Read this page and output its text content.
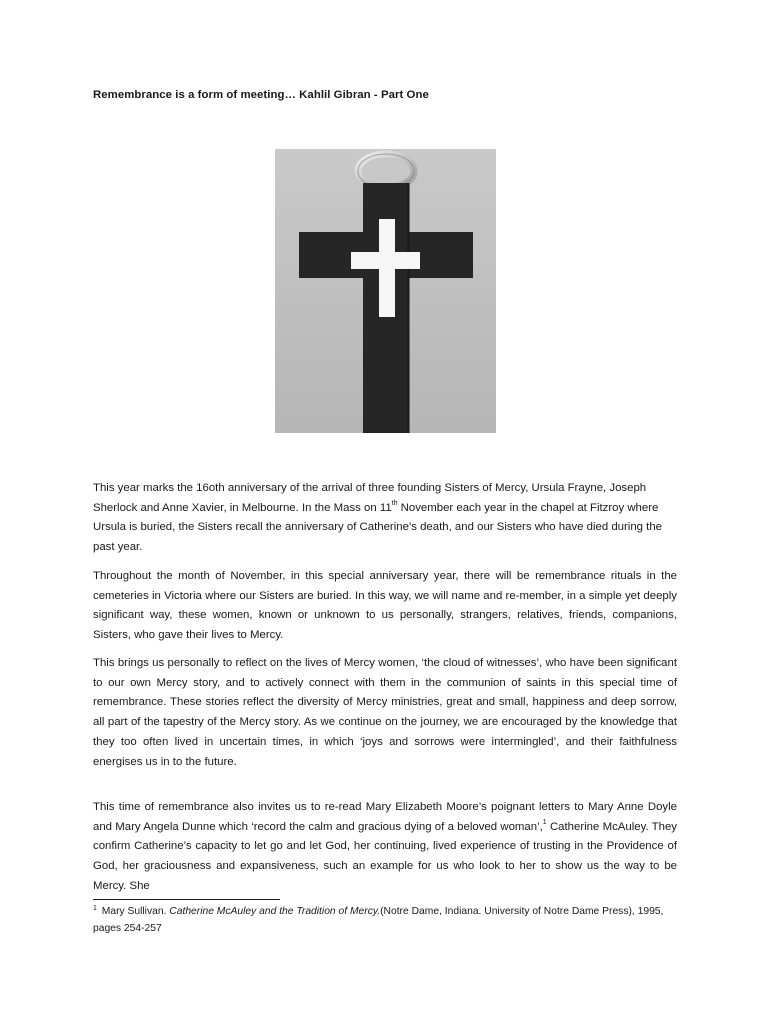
Remembrance is a form of meeting… Kahlil Gibran - Part One

This year marks the 16oth anniversary of the arrival of three founding Sisters of Mercy, Ursula Frayne, Joseph Sherlock and Anne Xavier, in Melbourne. In the Mass on 11th November each year in the chapel at Fitzroy where Ursula is buried, the Sisters recall the anniversary of Catherine’s death, and our Sisters who have died during the past year.

Throughout the month of November, in this special anniversary year, there will be remembrance rituals in the cemeteries in Victoria where our Sisters are buried. In this way, we will name and re-member, in a simple yet deeply significant way, these women, known or unknown to us personally, strangers, relatives, friends, companions, Sisters, who gave their lives to Mercy.

This brings us personally to reflect on the lives of Mercy women, ‘the cloud of witnesses’, who have been significant to our own Mercy story, and to actively connect with them in the communion of saints in this special time of remembrance. These stories reflect the diversity of Mercy ministries, great and small, happiness and deep sorrow, all part of the tapestry of the Mercy story. As we continue on the journey, we are encouraged by the knowledge that they too often lived in uncertain times, in which ‘joys and sorrows were intermingled’, and their faithfulness energises us in to the future.

This time of remembrance also invites us to re-read Mary Elizabeth Moore’s poignant letters to Mary Anne Doyle and Mary Angela Dunne which ‘record the calm and gracious dying of a beloved woman’,$^1$ Catherine McAuley. They confirm Catherine’s capacity to let go and let God, her continuing, lived experience of trusting in the Providence of God, her graciousness and expansiveness, such an example for us who look to her to show us the way to be Mercy. She

$^1$ Mary Sullivan. Catherine McAuley and the Tradition of Mercy.(Notre Dame, Indiana. University of Notre Dame Press), 1995, pages 254-257
